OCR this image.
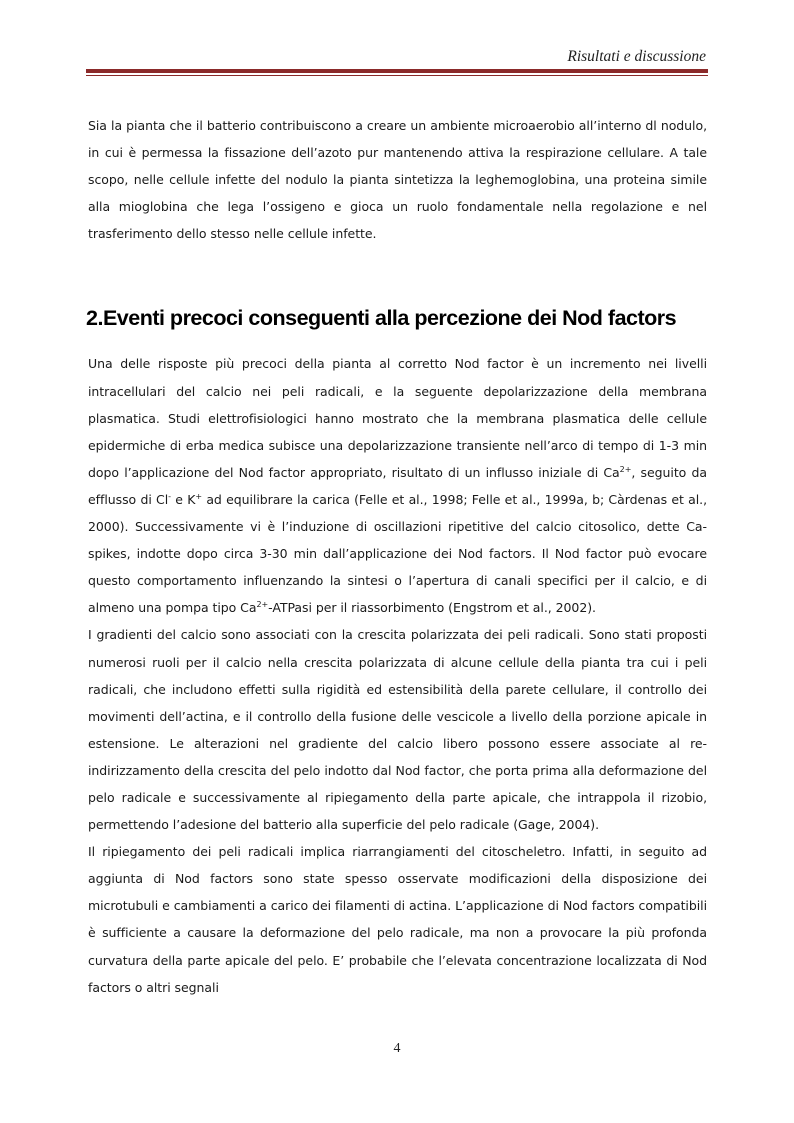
Risultati e discussione

Sia la pianta che il batterio contribuiscono a creare un ambiente microaerobio all’interno dl nodulo, in cui è permessa la fissazione dell’azoto pur mantenendo attiva la respirazione cellulare. A tale scopo, nelle cellule infette del nodulo la pianta sintetizza la leghemoglobina, una proteina simile alla mioglobina che lega l’ossigeno e gioca un ruolo fondamentale nella regolazione e nel trasferimento dello stesso nelle cellule infette.

2.Eventi precoci conseguenti alla percezione dei Nod factors

Una delle risposte più precoci della pianta al corretto Nod factor è un incremento nei livelli intracellulari del calcio nei peli radicali, e la seguente depolarizzazione della membrana plasmatica. Studi elettrofisiologici hanno mostrato che la membrana plasmatica delle cellule epidermiche di erba medica subisce una depolarizzazione transiente nell’arco di tempo di 1-3 min dopo l’applicazione del Nod factor appropriato, risultato di un influsso iniziale di $Ca^{2+}$, seguito da efflusso di Cl- e K+ ad equilibrare la carica (Felle et al., 1998; Felle et al., 1999a, b; Càrdenas et al., 2000). Successivamente vi è l’induzione di oscillazioni ripetitive del calcio citosolico, dette Ca-spikes, indotte dopo circa 3-30 min dall’applicazione dei Nod factors. Il Nod factor può evocare questo comportamento influenzando la sintesi o l’apertura di canali specifici per il calcio, e di almeno una pompa tipo $Ca^{2+}$-ATPasi per il riassorbimento (Engstrom et al., 2002).

I gradienti del calcio sono associati con la crescita polarizzata dei peli radicali. Sono stati proposti numerosi ruoli per il calcio nella crescita polarizzata di alcune cellule della pianta tra cui i peli radicali, che includono effetti sulla rigidità ed estensibilità della parete cellulare, il controllo dei movimenti dell’actina, e il controllo della fusione delle vescicole a livello della porzione apicale in estensione. Le alterazioni nel gradiente del calcio libero possono essere associate al re-indirizzamento della crescita del pelo indotto dal Nod factor, che porta prima alla deformazione del pelo radicale e successivamente al ripiegamento della parte apicale, che intrappola il rizobio, permettendo l’adesione del batterio alla superficie del pelo radicale (Gage, 2004).

Il ripiegamento dei peli radicali implica riarrangiamenti del citoscheletro. Infatti, in seguito ad aggiunta di Nod factors sono state spesso osservate modificazioni della disposizione dei microtubuli e cambiamenti a carico dei filamenti di actina. L’applicazione di Nod factors compatibili è sufficiente a causare la deformazione del pelo radicale, ma non a provocare la più profonda curvatura della parte apicale del pelo. E’ probabile che l’elevata concentrazione localizzata di Nod factors o altri segnali

4
